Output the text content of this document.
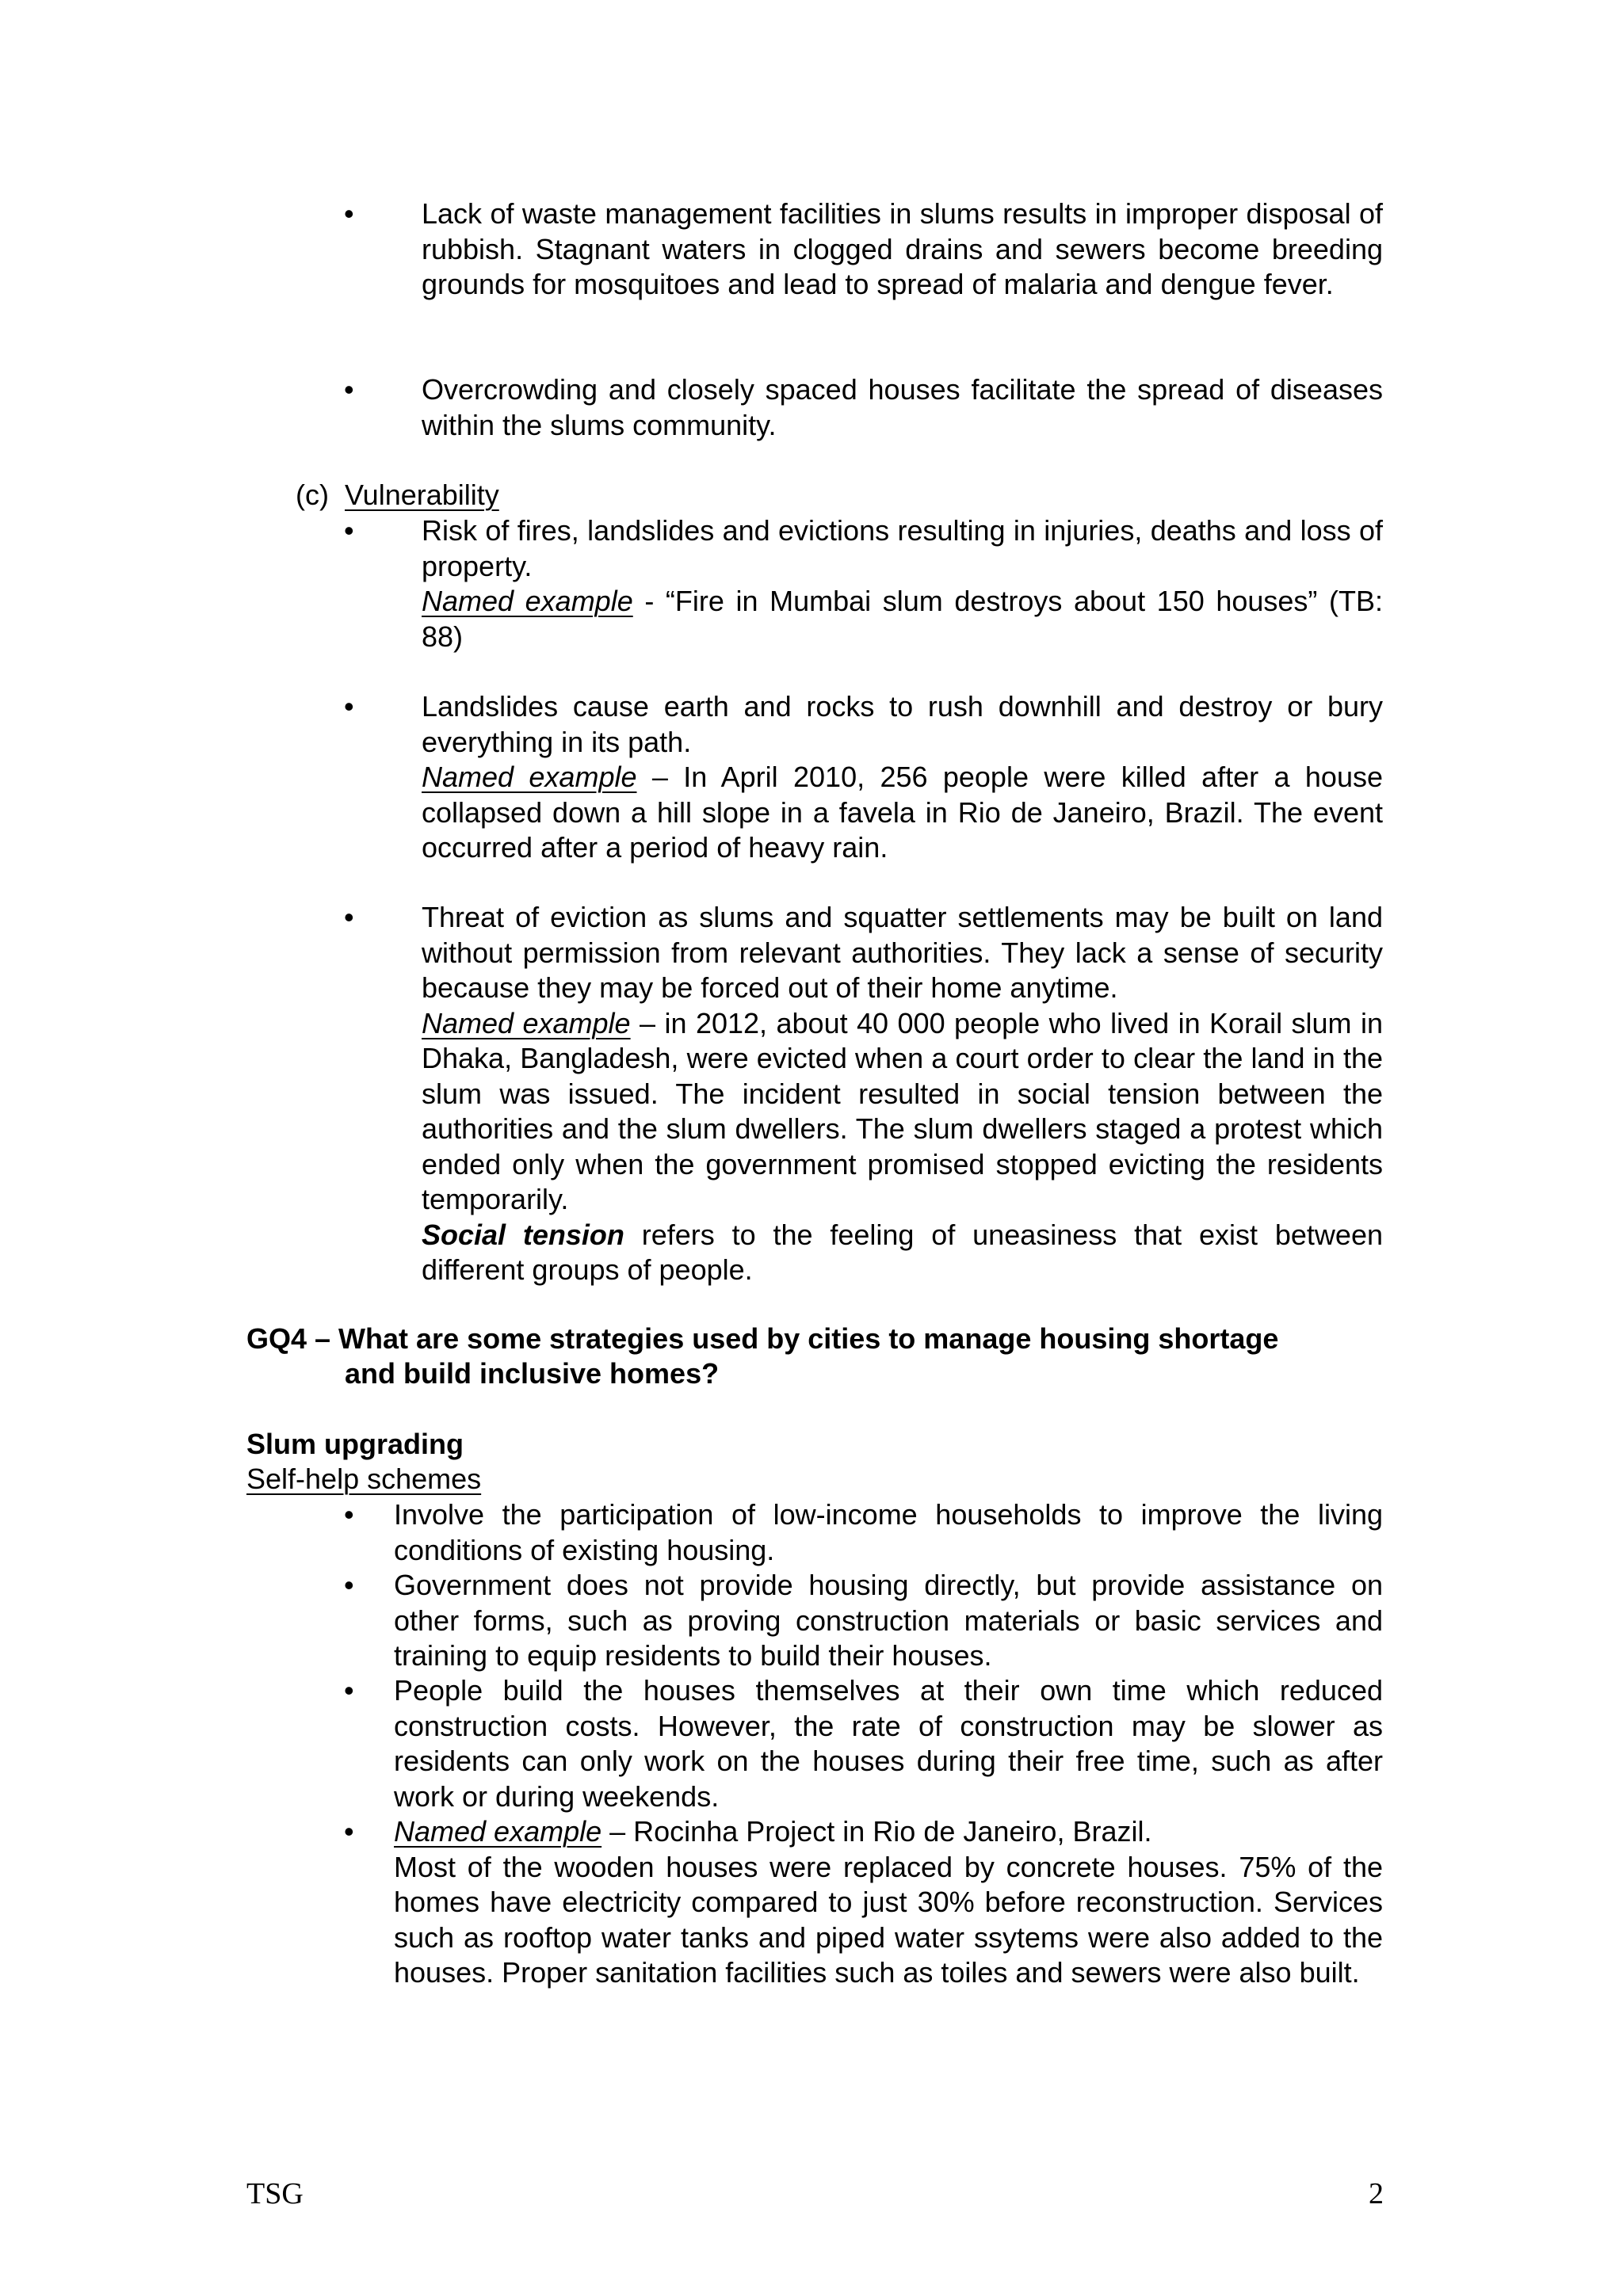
• Lack of waste management facilities in slums results in improper disposal of rubbish. Stagnant waters in clogged drains and sewers become breeding grounds for mosquitoes and lead to spread of malaria and dengue fever.

• Overcrowding and closely spaced houses facilitate the spread of diseases within the slums community.

(c) Vulnerability
• Risk of fires, landslides and evictions resulting in injuries, deaths and loss of property.

Named example - “Fire in Mumbai slum destroys about 150 houses” (TB: 88)

• Landslides cause earth and rocks to rush downhill and destroy or bury everything in its path.

Named example – In April 2010, 256 people were killed after a house collapsed down a hill slope in a favela in Rio de Janeiro, Brazil. The event occurred after a period of heavy rain.

• Threat of eviction as slums and squatter settlements may be built on land without permission from relevant authorities. They lack a sense of security because they may be forced out of their home anytime.

Named example – in 2012, about 40 000 people who lived in Korail slum in Dhaka, Bangladesh, were evicted when a court order to clear the land in the slum was issued. The incident resulted in social tension between the authorities and the slum dwellers. The slum dwellers staged a protest which ended only when the government promised stopped evicting the residents temporarily.

Social tension refers to the feeling of uneasiness that exist between different groups of people.

GQ4 – What are some strategies used by cities to manage housing shortage
and build inclusive homes?
Slum upgrading
Self-help schemes
• Involve the participation of low-income households to improve the living conditions of existing housing.

• Government does not provide housing directly, but provide assistance on other forms, such as proving construction materials or basic services and training to equip residents to build their houses.

• People build the houses themselves at their own time which reduced construction costs. However, the rate of construction may be slower as residents can only work on the houses during their free time, such as after work or during weekends.

• Named example – Rocinha Project in Rio de Janeiro, Brazil.

Most of the wooden houses were replaced by concrete houses. 75% of the homes have electricity compared to just 30% before reconstruction. Services such as rooftop water tanks and piped water ssytems were also added to the houses. Proper sanitation facilities such as toiles and sewers were also built.

TSG	2
